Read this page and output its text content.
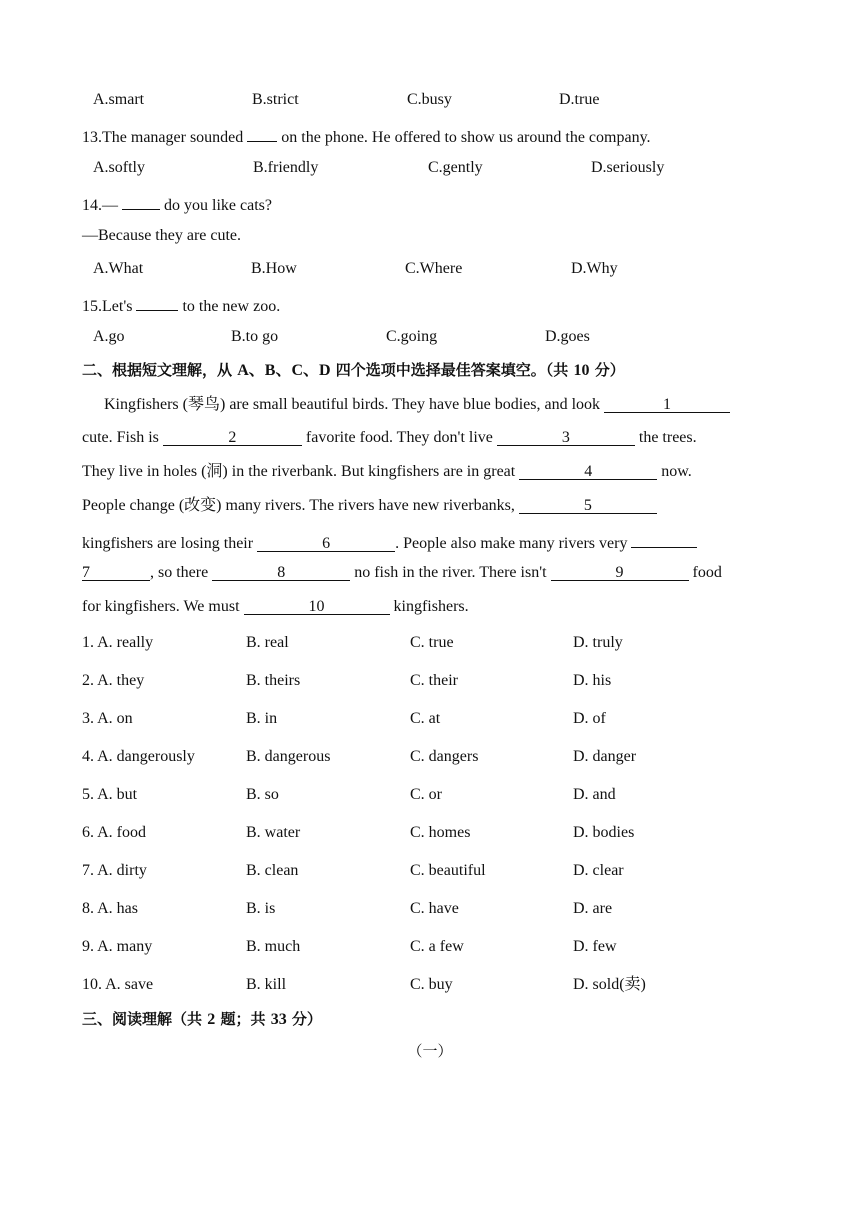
A.smart	B.strict	C.busy	D.true
13.The manager sounded on the phone. He offered to show us around the company.
A.softly	B.friendly	C.gently	D.seriously
14.—	do you like cats?
—Because they are cute.
A.What	B.How	C.Where	D.Why
15.Let's	to the new zoo.
A.go	B.to go	C.going	D.goes
二、根据短文理解，从 A、B、C、D 四个选项中选择最佳答案填空。（共 10 分）
Kingfishers (琴鸟) are small beautiful birds. They have blue bodies, and look	1
cute. Fish is	2	favorite food. They don't live	3	the trees.
They live in holes (洞) in the riverbank. But kingfishers are in great	4	now.
People change (改变) many rivers. The rivers have new riverbanks,	5
kingfishers are losing their	6	. People also make many rivers very
7	, so there	8	no fish in the river. There isn't	9	food
for kingfishers. We must	10	kingfishers.
1. A. really	B. real	C. true	D. truly
2. A. they	B. theirs	C. their	D. his
3. A. on	B. in	C. at	D. of
4. A. dangerously	B. dangerous	C. dangers	D. danger
5. A. but	B. so	C. or	D. and
6. A. food	B. water	C. homes	D. bodies
7. A. dirty	B. clean	C. beautiful	D. clear
8. A. has	B. is	C. have	D. are
9. A. many	B. much	C. a few	D. few
10. A. save	B. kill	C. buy	D. sold(卖)
三、阅读理解（共 2 题；共 33 分）
（一）
